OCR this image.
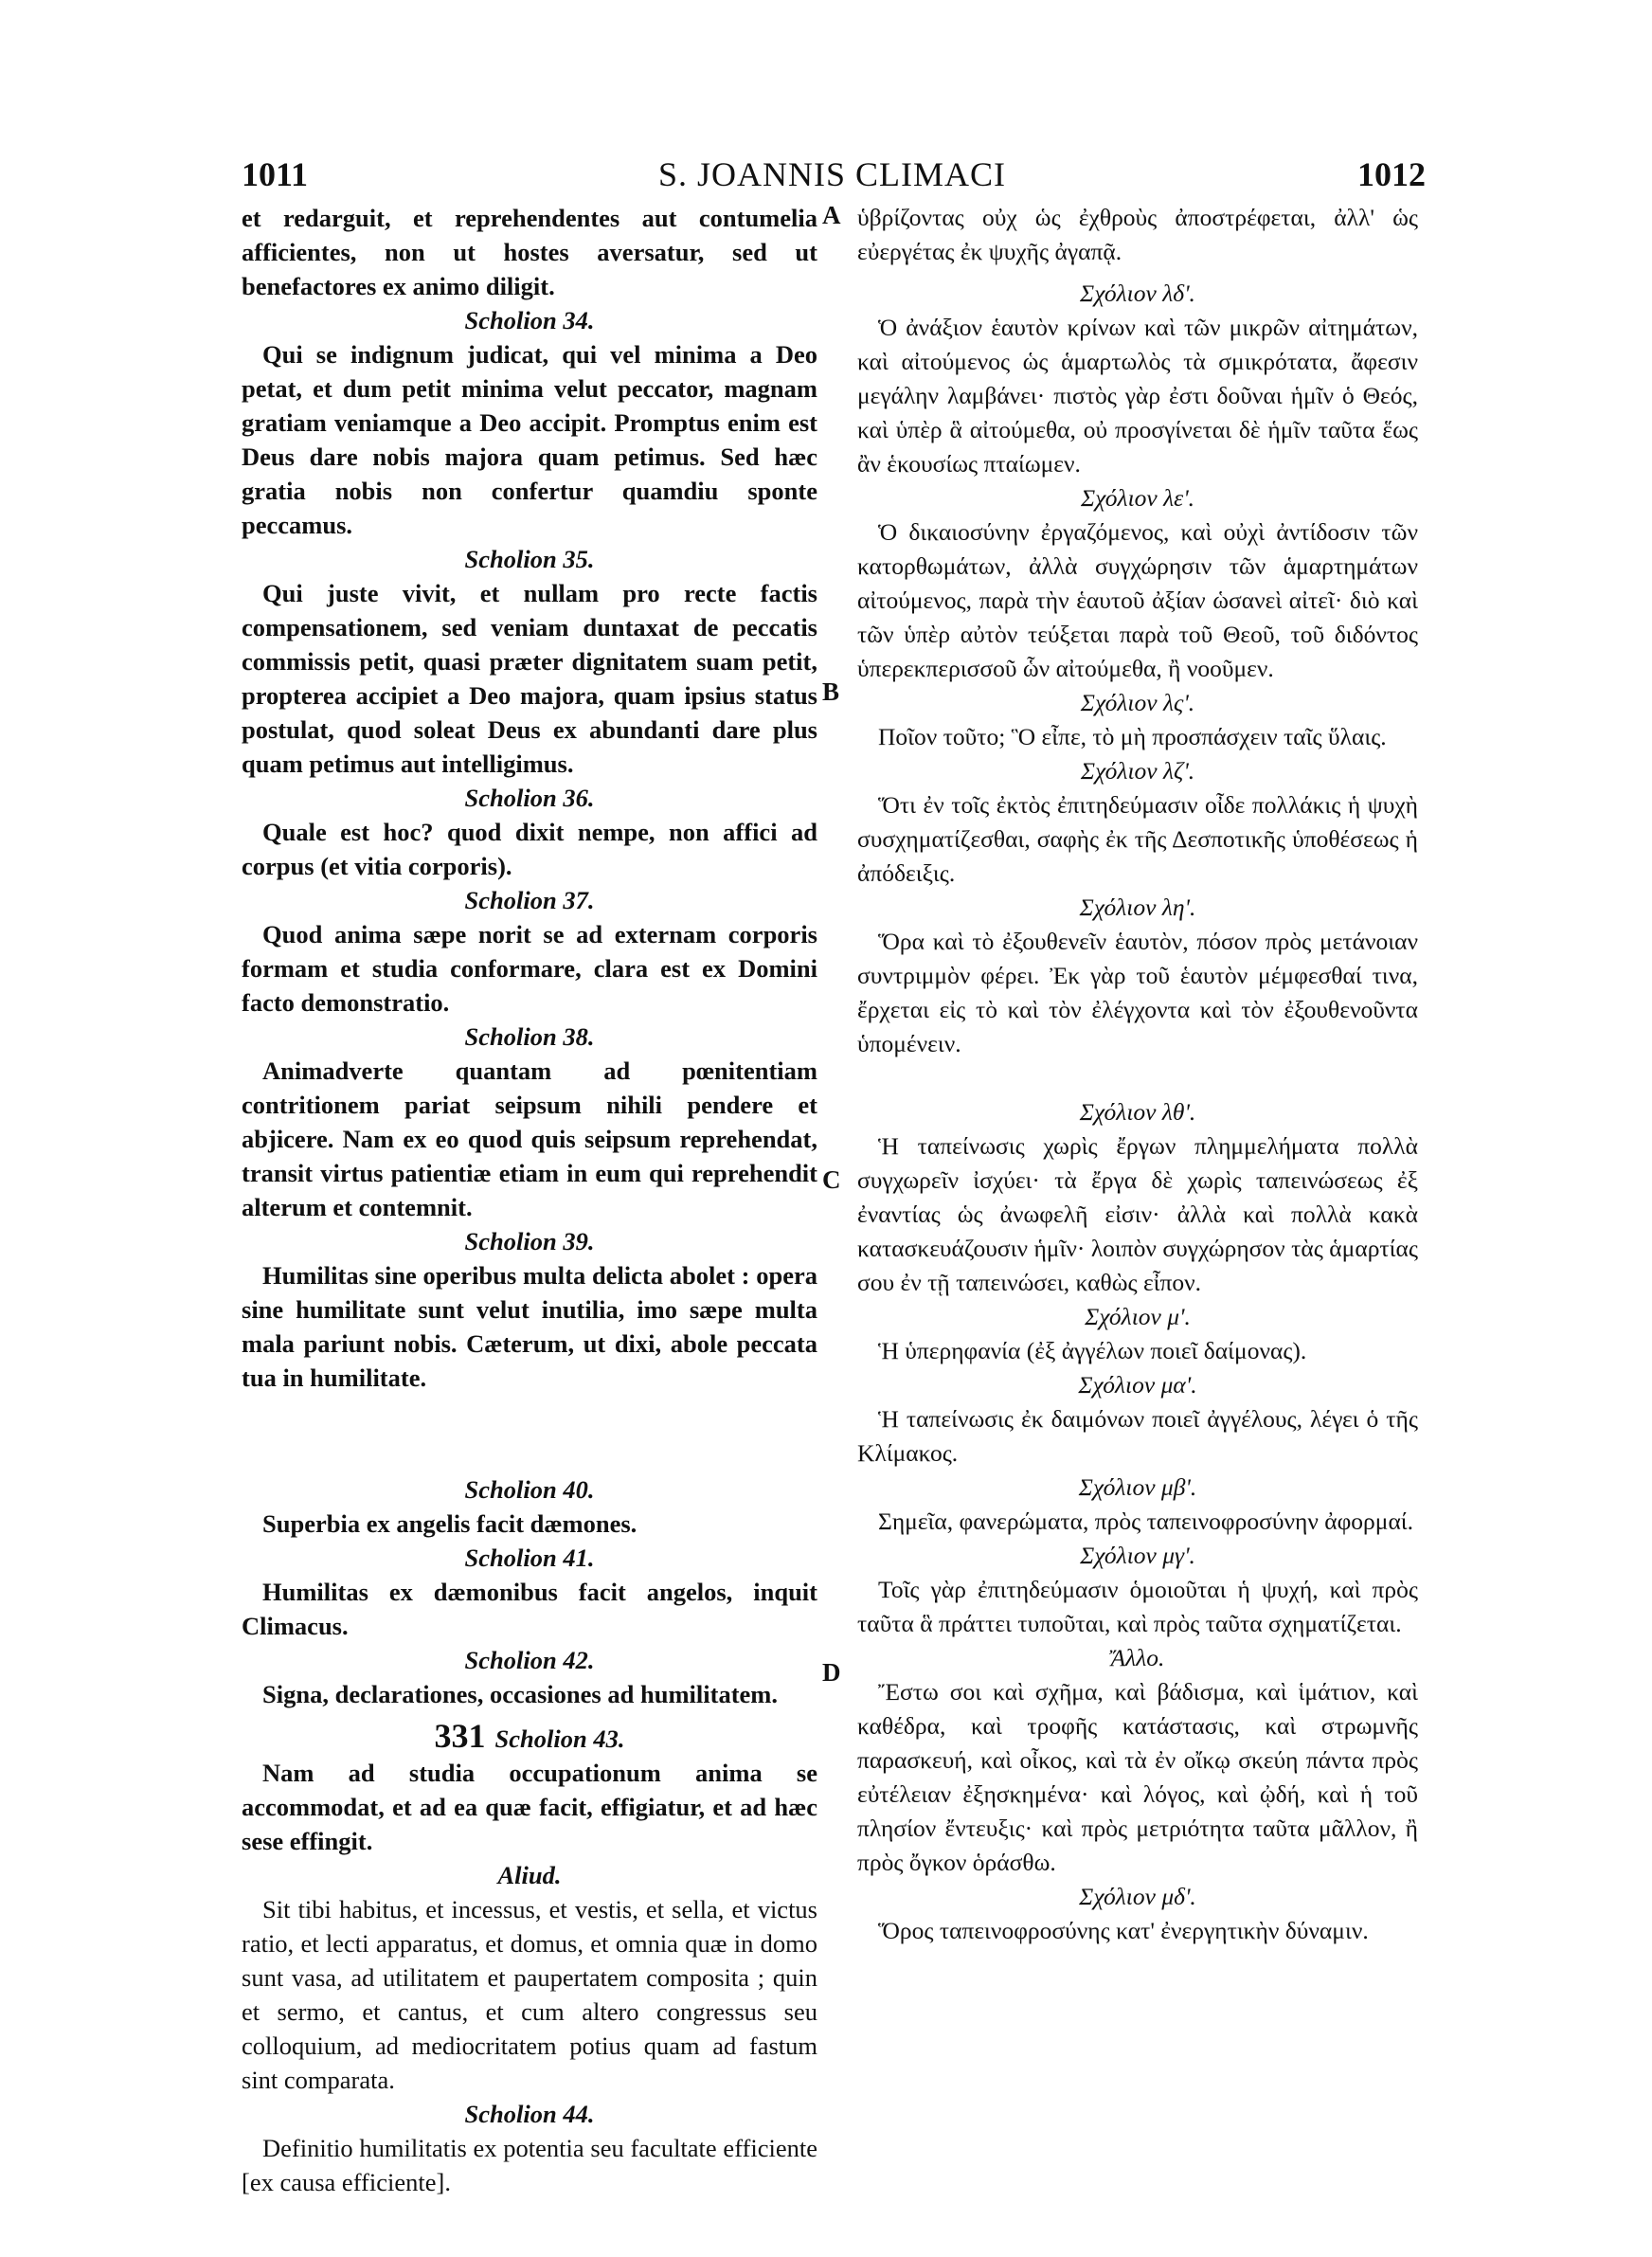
1011	S. JOANNIS CLIMACI	1012
A
B
C
D
et redarguit, et reprehendentes aut contumelia afficientes, non ut hostes aversatur, sed ut benefactores ex animo diligit.
Scholion 34.
Qui se indignum judicat, qui vel minima a Deo petat, et dum petit minima velut peccator, magnam gratiam veniamque a Deo accipit. Promptus enim est Deus dare nobis majora quam petimus. Sed hæc gratia nobis non confertur quamdiu sponte peccamus.
Scholion 35.
Qui juste vivit, et nullam pro recte factis compensationem, sed veniam duntaxat de peccatis commissis petit, quasi præter dignitatem suam petit, propterea accipiet a Deo majora, quam ipsius status postulat, quod soleat Deus ex abundanti dare plus quam petimus aut intelligimus.
Scholion 36.
Quale est hoc? quod dixit nempe, non affici ad corpus (et vitia corporis).
Scholion 37.
Quod anima sæpe norit se ad externam corporis formam et studia conformare, clara est ex Domini facto demonstratio.
Scholion 38.
Animadverte quantam ad pœnitentiam contritionem pariat seipsum nihili pendere et abjicere. Nam ex eo quod quis seipsum reprehendat, transit virtus patientiæ etiam in eum qui reprehendit alterum et contemnit.
Scholion 39.
Humilitas sine operibus multa delicta abolet : opera sine humilitate sunt velut inutilia, imo sæpe multa mala pariunt nobis. Cæterum, ut dixi, abole peccata tua in humilitate.
Scholion 40.
Superbia ex angelis facit dæmones.
Scholion 41.
Humilitas ex dæmonibus facit angelos, inquit Climacus.
Scholion 42.
Signa, declarationes, occasiones ad humilitatem.
331 Scholion 43.
Nam ad studia occupationum anima se accommodat, et ad ea quæ facit, effigiatur, et ad hæc sese effingit.
Aliud.
Sit tibi habitus, et incessus, et vestis, et sella, et victus ratio, et lecti apparatus, et domus, et omnia quæ in domo sunt vasa, ad utilitatem et paupertatem composita ; quin et sermo, et cantus, et cum altero congressus seu colloquium, ad mediocritatem potius quam ad fastum sint comparata.
Scholion 44.
Definitio humilitatis ex potentia seu facultate efficiente [ex causa efficiente].
ὑβρίζοντας οὐχ ὡς ἐχθροὺς ἀποστρέφεται, ἀλλ' ὡς εὐεργέτας ἐκ ψυχῆς ἀγαπᾷ.
Σχόλιον λδʹ.
Ὁ ἀνάξιον ἑαυτὸν κρίνων καὶ τῶν μικρῶν αἰτημάτων, καὶ αἰτούμενος ὡς ἁμαρτωλὸς τὰ σμικρότατα, ἄφεσιν μεγάλην λαμβάνει· πιστὸς γὰρ ἐστι δοῦναι ἡμῖν ὁ Θεός, καὶ ὑπὲρ ἃ αἰτούμεθα, οὐ προσγίνεται δὲ ἡμῖν ταῦτα ἕως ἂν ἑκουσίως πταίωμεν.
Σχόλιον λεʹ.
Ὁ δικαιοσύνην ἐργαζόμενος, καὶ οὐχὶ ἀντίδοσιν τῶν κατορθωμάτων, ἀλλὰ συγχώρησιν τῶν ἁμαρτημάτων αἰτούμενος, παρὰ τὴν ἑαυτοῦ ἀξίαν ὡσανεὶ αἰτεῖ· διὸ καὶ τῶν ὑπὲρ αὐτὸν τεύξεται παρὰ τοῦ Θεοῦ, τοῦ διδόντος ὑπερεκπερισσοῦ ὧν αἰτούμεθα, ἢ νοοῦμεν.
Σχόλιον λςʹ.
Ποῖον τοῦτο; Ὃ εἶπε, τὸ μὴ προσπάσχειν ταῖς ὕλαις.
Σχόλιον λζʹ.
Ὅτι ἐν τοῖς ἐκτὸς ἐπιτηδεύμασιν οἶδε πολλάκις ἡ ψυχὴ συσχηματίζεσθαι, σαφὴς ἐκ τῆς Δεσποτικῆς ὑποθέσεως ἡ ἀπόδειξις.
Σχόλιον ληʹ.
Ὅρα καὶ τὸ ἐξουθενεῖν ἑαυτὸν, πόσον πρὸς μετάνοιαν συντριμμὸν φέρει. Ἐκ γὰρ τοῦ ἑαυτὸν μέμφεσθαί τινα, ἔρχεται εἰς τὸ καὶ τὸν ἐλέγχοντα καὶ τὸν ἐξουθενοῦντα ὑπομένειν.
Σχόλιον λθʹ.
Ἡ ταπείνωσις χωρὶς ἔργων πλημμελήματα πολλὰ συγχωρεῖν ἰσχύει· τὰ ἔργα δὲ χωρὶς ταπεινώσεως ἐξ ἐναντίας ὡς ἀνωφελῆ εἰσιν· ἀλλὰ καὶ πολλὰ κακὰ κατασκευάζουσιν ἡμῖν· λοιπὸν συγχώρησον τὰς ἁμαρτίας σου ἐν τῇ ταπεινώσει, καθὼς εἶπον.
Σχόλιον μʹ.
Ἡ ὑπερηφανία (ἐξ ἀγγέλων ποιεῖ δαίμονας).
Σχόλιον μαʹ.
Ἡ ταπείνωσις ἐκ δαιμόνων ποιεῖ ἀγγέλους, λέγει ὁ τῆς Κλίμακος.
Σχόλιον μβʹ.
Σημεῖα, φανερώματα, πρὸς ταπεινοφροσύνην ἀφορμαί.
Σχόλιον μγʹ.
Τοῖς γὰρ ἐπιτηδεύμασιν ὁμοιοῦται ἡ ψυχή, καὶ πρὸς ταῦτα ἃ πράττει τυποῦται, καὶ πρὸς ταῦτα σχηματίζεται.
Ἄλλο.
Ἔστω σοι καὶ σχῆμα, καὶ βάδισμα, καὶ ἱμάτιον, καὶ καθέδρα, καὶ τροφῆς κατάστασις, καὶ στρωμνῆς παρασκευή, καὶ οἶκος, καὶ τὰ ἐν οἴκῳ σκεύη πάντα πρὸς εὐτέλειαν ἐξησκημένα· καὶ λόγος, καὶ ᾠδή, καὶ ἡ τοῦ πλησίον ἔντευξις· καὶ πρὸς μετριότητα ταῦτα μᾶλλον, ἢ πρὸς ὄγκον ὁράσθω.
Σχόλιον μδʹ.
Ὅρος ταπεινοφροσύνης κατ' ἐνεργητικὴν δύναμιν.
